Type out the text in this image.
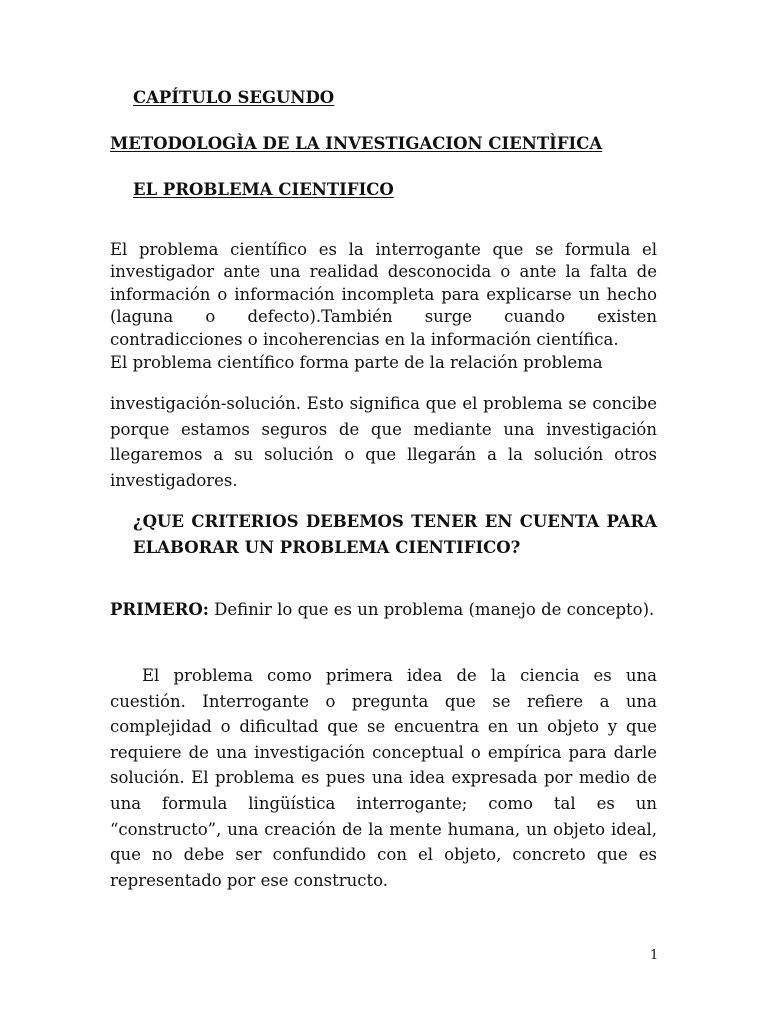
CAPÍTULO SEGUNDO
METODOLOGÌA DE LA INVESTIGACION CIENTÌFICA
EL PROBLEMA CIENTIFICO

El problema científico es la interrogante que se formula el investigador ante una realidad desconocida o ante la falta de información o información incompleta para explicarse un hecho (laguna o defecto).También surge cuando existen contradicciones o incoherencias en la información científica.

El problema científico forma parte de la relación problema

investigación-solución. Esto significa que el problema se concibe porque estamos seguros de que mediante una investigación llegaremos a su solución o que llegarán a la solución otros investigadores.

¿QUE CRITERIOS DEBEMOS TENER EN CUENTA PARA
ELABORAR UN PROBLEMA CIENTIFICO?

PRIMERO: Definir lo que es un problema (manejo de concepto).

El problema como primera idea de la ciencia es una cuestión. Interrogante o pregunta que se refiere a una complejidad o dificultad que se encuentra en un objeto y que requiere de una investigación conceptual o empírica para darle solución. El problema es pues una idea expresada por medio de una formula lingüística interrogante; como tal es un “constructo”, una creación de la mente humana, un objeto ideal, que no debe ser confundido con el objeto, concreto que es representado por ese constructo.

1
